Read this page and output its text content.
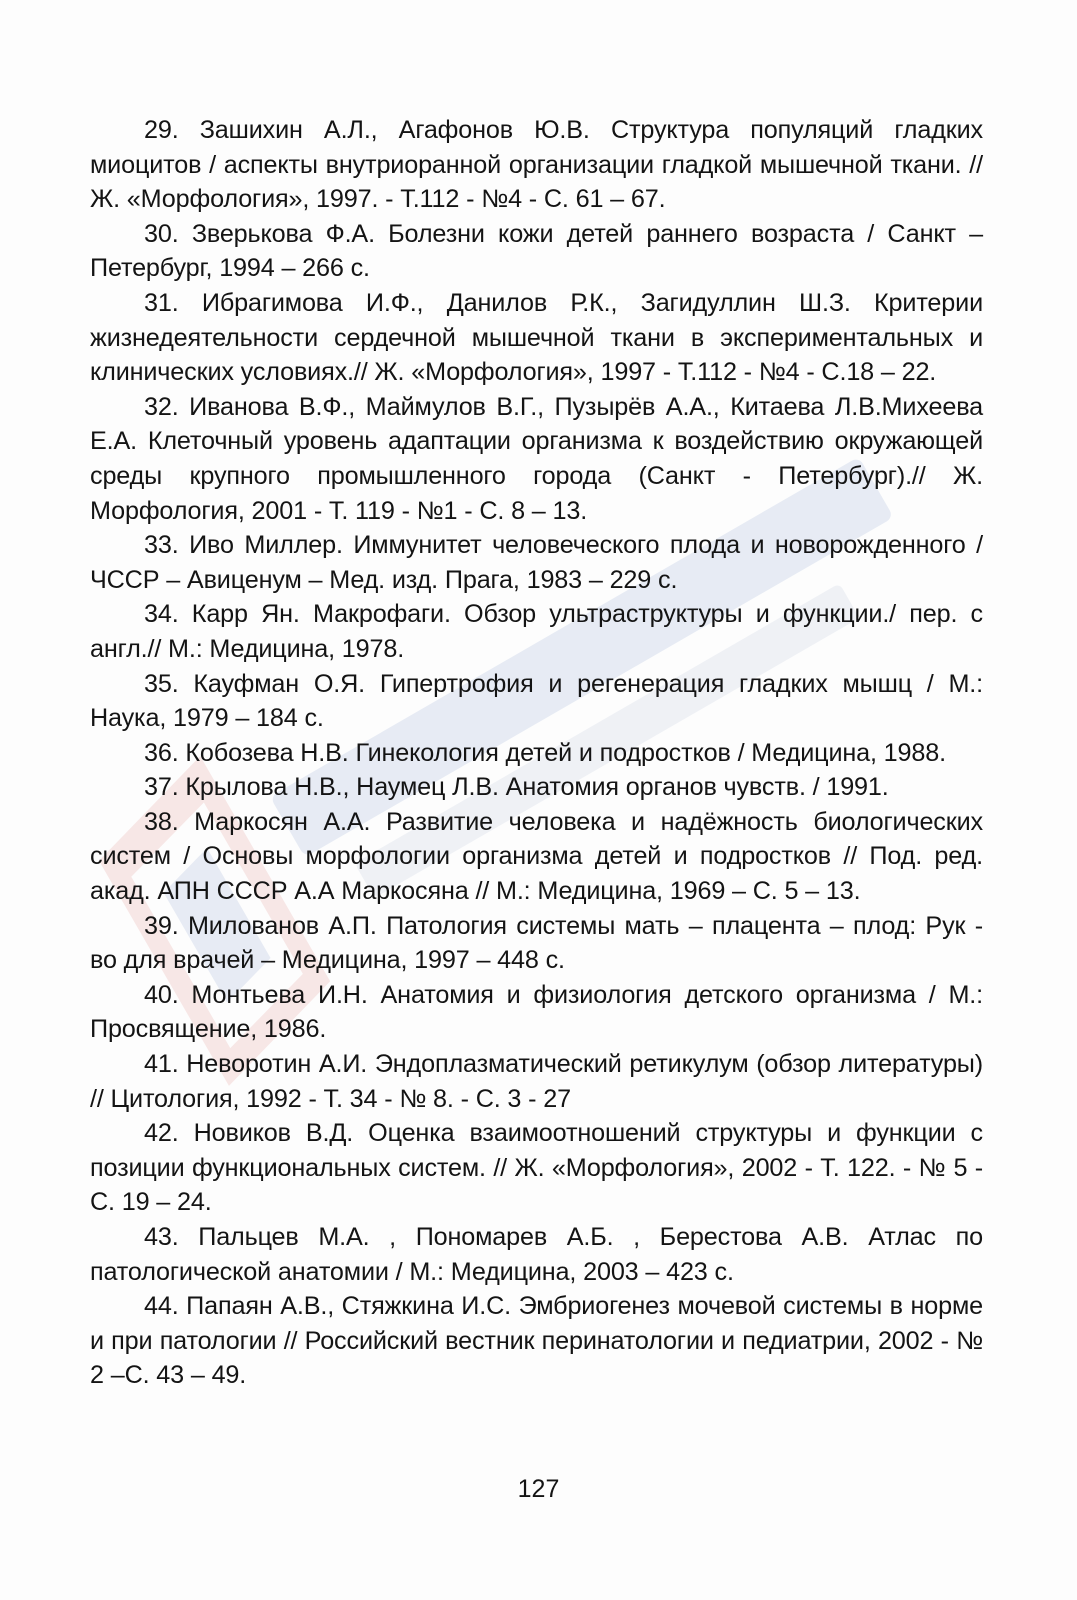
29. Зашихин А.Л., Агафонов Ю.В. Структура популяций гладких миоцитов / аспекты внутриоранной организации гладкой мышечной ткани. // Ж. «Морфология», 1997. - Т.112 - №4 - С. 61 – 67.

30. Зверькова Ф.А. Болезни кожи детей раннего возраста / Санкт – Петербург, 1994 – 266 с.

31. Ибрагимова И.Ф., Данилов Р.К., Загидуллин Ш.З. Критерии жизнедеятельности сердечной мышечной ткани в экспериментальных и клинических условиях.// Ж. «Морфология», 1997 - Т.112 - №4 - С.18 – 22.

32. Иванова В.Ф., Маймулов В.Г., Пузырёв А.А., Китаева Л.В.Михеева Е.А. Клеточный уровень адаптации организма к воздействию окружающей среды крупного промышленного города (Санкт - Петербург).// Ж. Морфология, 2001 - Т. 119 - №1 - С. 8 – 13.

33. Иво Миллер. Иммунитет человеческого плода и новорожденного / ЧССР – Авиценум – Мед. изд. Прага, 1983 – 229 с.

34. Карр Ян. Макрофаги. Обзор ультраструктуры и функции./ пер. с англ.// М.: Медицина, 1978.

35. Кауфман О.Я. Гипертрофия и регенерация гладких мышц / М.: Наука, 1979 – 184 с.

36. Кобозева Н.В. Гинекология детей и подростков / Медицина, 1988.

37. Крылова Н.В., Наумец Л.В. Анатомия органов чувств. / 1991.

38. Маркосян А.А. Развитие человека и надёжность биологических систем / Основы морфологии организма детей и подростков // Под. ред. акад. АПН СССР А.А Маркосяна // М.: Медицина, 1969 – С. 5 – 13.

39. Милованов А.П. Патология системы мать – плацента – плод: Рук - во для врачей – Медицина, 1997 – 448 с.

40. Монтьева И.Н. Анатомия и физиология детского организма / М.: Просвящение, 1986.

41. Неворотин А.И. Эндоплазматический ретикулум (обзор литературы) // Цитология, 1992 - Т. 34 - № 8. - С. 3 - 27

42. Новиков В.Д. Оценка взаимоотношений структуры и функции с позиции функциональных систем. // Ж. «Морфология», 2002 - Т. 122. - № 5 - С. 19 – 24.

43. Пальцев М.А. , Пономарев А.Б. , Берестова А.В. Атлас по патологической анатомии / М.: Медицина, 2003 – 423 с.

44. Папаян А.В., Стяжкина И.С. Эмбриогенез мочевой системы в норме и при патологии // Российский вестник перинатологии и педиатрии, 2002 - № 2 –С. 43 – 49.

127
